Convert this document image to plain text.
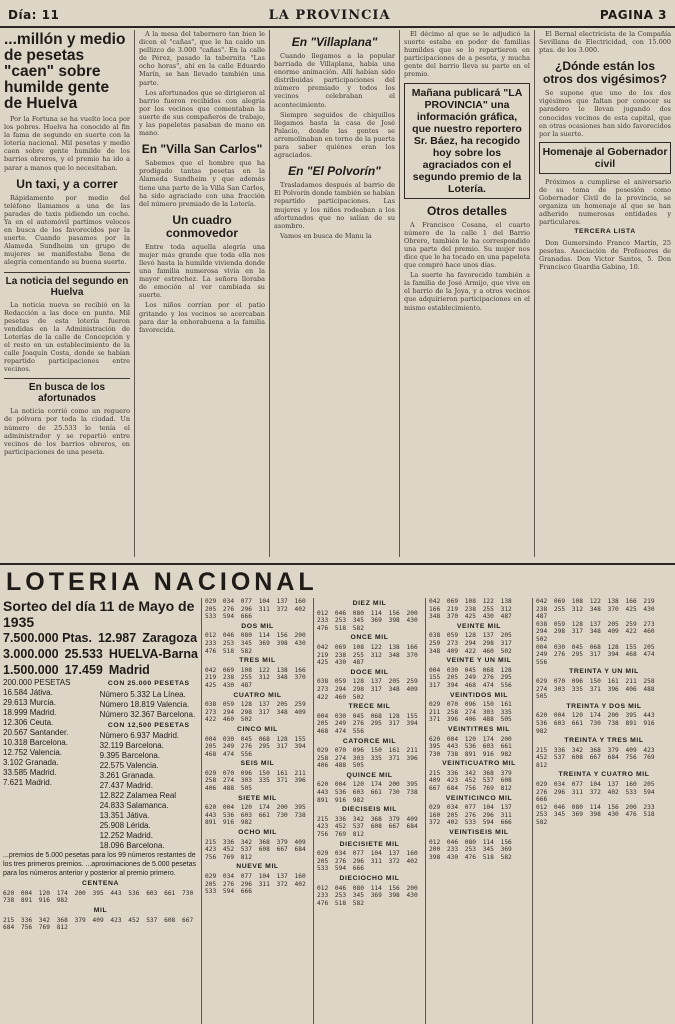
Día: 11	LA PROVINCIA	PAGINA 3
...millón y medio de pesetas "caen" sobre humilde gente de Huelva

Por la Fortuna se ha vuelto loca por los pobres. Huelva ha conocido al fin la fama de segundo en suerte con la lotería nacional. Mil pesetas y medio caen sobre gente humilde de los barrios obreros, y el premio ha ido a parar a manos que lo necesitaban.

Un taxi, y a correr

Rápidamente por medio del teléfono llamamos a una de las paradas de taxis pidiendo un coche. Ya en el automóvil partimos veloces en busca de los favorecidos por la suerte. Cuando pasamos por la Alameda Sundheim un grupo de mujeres se manifestaba llena de alegría comentando su buena suerte.

La noticia del segundo en Huelva

La noticia nueva se recibió en la Redacción a las doce en punto. Mil pesetas de esta lotería fueron vendidas en la Administración de Loterías de la calle de Concepción y el resto en un establecimiento de la calle Joaquín Costa, donde se habían repartido participaciones entre vecinos.

En busca de los afortunados

La noticia corrió como un reguero de pólvora por toda la ciudad. Un número de 25.533 lo tenía el administrador y se repartió entre vecinos de los barrios obreros, en participaciones de una peseta.

A la mesa del tabernero tan bien le dicen el "cañas", que le ha caído un pellizco de 3.000 "cañas". En la calle de Pérez, pasado la tabernita "Las ocho horas", ahí en la calle Eduardo Marín, se han llevado también una parte.

Los afortunados que se dirigieron al barrio fueron recibidos con alegría por los vecinos que comentaban la suerte de sus compañeros de trabajo, y las papeletas pasaban de mano en mano.

En "Villa San Carlos"

Sabemos que el hombre que ha prodigado tantas pesetas en la Alameda Sundheim y que además tiene una parte de la Villa San Carlos, ha sido agraciado con una fracción del número premiado de la Lotería.

Un cuadro conmovedor

Entre toda aquella alegría una mujer más grande que toda ella nos llevó hasta la humilde vivienda donde una familia numerosa vivía en la mayor estrechez. La señora lloraba de emoción al ver cambiada su suerte.

Los niños corrían por el patio gritando y los vecinos se acercaban para dar la enhorabuena a la familia favorecida.

En "Villaplana"

Cuando llegamos a la popular barriada de Villaplana, había una enorme animación. Allí habían sido distribuidas participaciones del número premiado y todos los vecinos celebraban el acontecimiento.

Siempre seguidos de chiquillos llegamos hasta la casa de José Palacio, donde las gentes se arremolinaban en torno de la puerta para saber quiénes eran los agraciados.

En "El Polvorín"

Trasladamos después al barrio de El Polvorín donde también se habían repartido participaciones. Las mujeres y los niños rodeaban a los afortunados que no salían de su asombro.

Vamos en busca de Manu la

El décimo al que se le adjudicó la suerte estaba en poder de familias humildes que se lo repartieron en participaciones de a peseta, y mucha gente del barrio lleva su parte en el premio.

Mañana publicará "LA PROVINCIA" una información gráfica, que nuestro reportero Sr. Báez, ha recogido hoy sobre los agraciados con el segundo premio de la Lotería.
Otros detalles

A Francisco Cosana, el cuarto número de la calle 1 del Barrio Obrero, también le ha correspondido una parte del premio. Su mujer nos dice que le ha tocado en una papeleta que compró hace unos días.

La suerte ha favorecido también a la familia de José Armijo, que vive en el barrio de la Joya, y a otros vecinos que adquirieron participaciones en el mismo establecimiento.

El Bernal electricista de la Compañía Sevillana de Electricidad, con 15.000 ptas. de los 3.000.

¿Dónde están los otros dos vigésimos?

Se supone que uno de los dos vigésimos que faltan por conocer su paradero lo llevan jugando dos conocidos vecinos de esta capital, que en otras ocasiones han sido favorecidos por la suerte.

Homenaje al Gobernador civil

Próximos a cumplirse el aniversario de su toma de posesión como Gobernador Civil de la provincia, se organiza un homenaje al que se han adherido numerosas entidades y particulares.

TERCERA LISTA

Don Gumersindo Franco Martín, 25 pesetas. Asociación de Profesores de Granadas. Don Victor Santos, 5. Don Francisco Guardia Gabino, 10.

LOTERIA NACIONAL
Sorteo del día 11 de Mayo de 1935
7.500.000 Ptas. 12.987 Zaragoza
3.000.000 25.533 HUELVA-Barna
1.500.000 17.459 Madrid
200.000 PESETAS
16.584 Játiva.
29.613 Murcia.
18.999 Madrid.
12.306 Ceuta.
20.567 Santander.
10.318 Barcelona.
12.752 Valencia.
3.102 Granada.
33.585 Madrid.
7.621 Madrid.
CON 25.000 PESETAS
Número 5.332 La Línea.
Número 18.819 Valencia.
Número 32.367 Barcelona.
CON 12,500 PESETAS
Número 6.937 Madrid.
32.119 Barcelona.
9.395 Barcelona.
22.575 Valencia.
3.261 Granada.
27.437 Madrid.
12.822 Zalamea Real
24.833 Salamanca.
13.351 Játiva.
25.908 Lérida.
12.252 Madrid.
18.096 Barcelona.
...premios de 5.000 pesetas para los 99 números restantes de los tres primeros premios. ...aproximaciones de 5.000 pesetas para los números anterior y posterior al premio primero.
CENTENA
620 004 120 174 200 395 443 536 603 661 730 738 891 916 982
MIL
215 336 342 368 379 409 423 452 537 608 667 684 756 769 812
029 034 077 104 137 160 205 276 296 311 372 402 533 594 666
DOS MIL
012 046 080 114 156 200 233 253 345 369 398 430 476 518 582
TRES MIL
042 069 108 122 138 166 219 238 255 312 348 370 425 430 487
CUATRO MIL
038 059 128 137 205 259 273 294 298 317 348 409 422 460 502
CINCO MIL
004 030 045 068 128 155 205 249 276 295 317 394 468 474 556
SEIS MIL
029 070 096 150 161 211 258 274 303 335 371 396 406 488 505
SIETE MIL
620 004 120 174 200 395 443 536 603 661 730 738 891 916 982
OCHO MIL
215 336 342 368 379 409 423 452 537 608 667 684 756 769 812
NUEVE MIL
029 034 077 104 137 160 205 276 296 311 372 402 533 594 666
DIEZ MIL
012 046 080 114 156 200 233 253 345 369 398 430 476 518 582
ONCE MIL
042 069 108 122 138 166 219 238 255 312 348 370 425 430 487
DOCE MIL
038 059 128 137 205 259 273 294 298 317 348 409 422 460 502
TRECE MIL
004 030 045 068 128 155 205 249 276 295 317 394 468 474 556
CATORCE MIL
029 070 096 150 161 211 258 274 303 335 371 396 406 488 505
QUINCE MIL
620 004 120 174 200 395 443 536 603 661 730 738 891 916 982
DIECISEIS MIL
215 336 342 368 379 409 423 452 537 608 667 684 756 769 812
DIECISIETE MIL
029 034 077 104 137 160 205 276 296 311 372 402 533 594 666
DIECIOCHO MIL
012 046 080 114 156 200 233 253 345 369 398 430 476 518 582
042 069 108 122 138 166 219 238 255 312 348 370 425 430 487
VEINTE MIL
038 059 128 137 205 259 273 294 298 317 348 409 422 460 502
VEINTE Y UN MIL
004 030 045 068 128 155 205 249 276 295 317 394 468 474 556
VEINTIDOS MIL
029 070 096 150 161 211 258 274 303 335 371 396 406 488 505
VEINTITRES MIL
620 004 120 174 200 395 443 536 603 661 730 738 891 916 982
VEINTICUATRO MIL
215 336 342 368 379 409 423 452 537 608 667 684 756 769 812
VEINTICINCO MIL
029 034 077 104 137 160 205 276 296 311 372 402 533 594 666
VEINTISEIS MIL
012 046 080 114 156 200 233 253 345 369 398 430 476 518 582
042 069 108 122 138 166 219 238 255 312 348 370 425 430 487
038 059 128 137 205 259 273 294 298 317 348 409 422 460 502
004 030 045 068 128 155 205 249 276 295 317 394 468 474 556
TREINTA Y UN MIL
029 070 096 150 161 211 258 274 303 335 371 396 406 488 505
TREINTA Y DOS MIL
620 004 120 174 200 395 443 536 603 661 730 738 891 916 982
TREINTA Y TRES MIL
215 336 342 368 379 409 423 452 537 608 667 684 756 769 812
TREINTA Y CUATRO MIL
029 034 077 104 137 160 205 276 296 311 372 402 533 594 666
012 046 080 114 156 200 233 253 345 369 398 430 476 518 582
